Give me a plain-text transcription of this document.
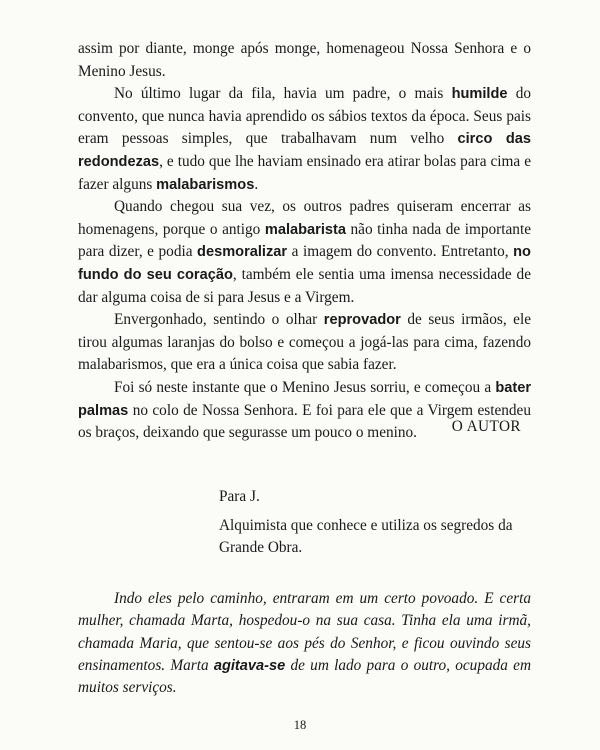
assim por diante, monge após monge, homenageou Nossa Senhora e o Menino Jesus.

No último lugar da fila, havia um padre, o mais humilde do convento, que nunca havia aprendido os sábios textos da época. Seus pais eram pessoas simples, que trabalhavam num velho circo das redondezas, e tudo que lhe haviam ensinado era atirar bolas para cima e fazer alguns malabarismos.

Quando chegou sua vez, os outros padres quiseram encerrar as homenagens, porque o antigo malabarista não tinha nada de importante para dizer, e podia desmoralizar a imagem do convento. Entretanto, no fundo do seu coração, também ele sentia uma imensa necessidade de dar alguma coisa de si para Jesus e a Virgem.

Envergonhado, sentindo o olhar reprovador de seus irmãos, ele tirou algumas laranjas do bolso e começou a jogá-las para cima, fazendo malabarismos, que era a única coisa que sabia fazer.

Foi só neste instante que o Menino Jesus sorriu, e começou a bater palmas no colo de Nossa Senhora. E foi para ele que a Virgem estendeu os braços, deixando que segurasse um pouco o menino.	O AUTOR
Para J.
Alquimista que conhece e utiliza os segredos da Grande Obra.

Indo eles pelo caminho, entraram em um certo povoado. E certa mulher, chamada Marta, hospedou-o na sua casa. Tinha ela uma irmã, chamada Maria, que sentou-se aos pés do Senhor, e ficou ouvindo seus ensinamentos. Marta agitava-se de um lado para o outro, ocupada em muitos serviços.

18
